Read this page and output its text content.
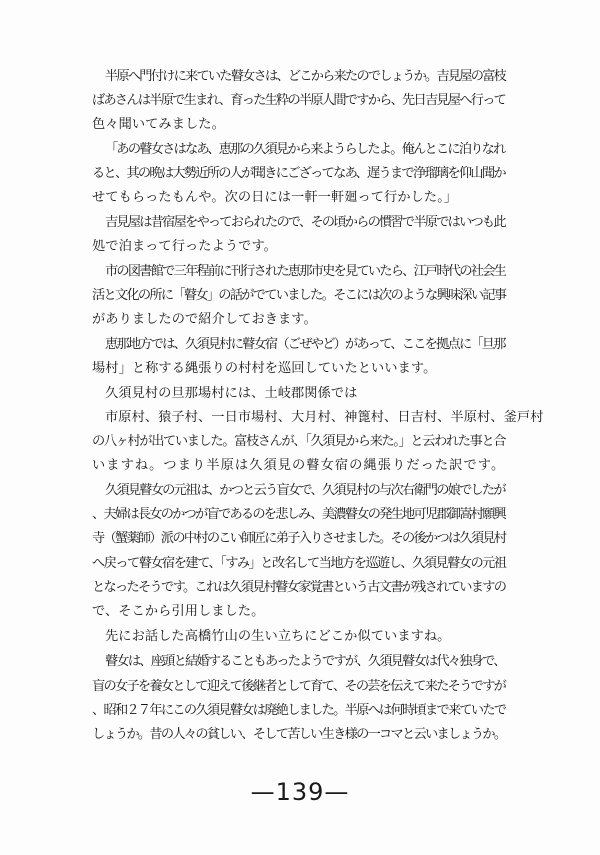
半原へ門付けに来ていた瞽女さは、どこから来たのでしょうか。吉見屋の富枝
ばあさんは半原で生まれ、育った生粋の半原人間ですから、先日吉見屋へ行って
色々聞いてみました。
「あの瞽女さはなあ、恵那の久須見から来ようらしたよ。俺んとこに泊りなれ
ると、其の晩は大勢近所の人が聞きにござってなあ、遅うまで浄瑠璃を仰山聞か
せてもらったもんや。次の日には一軒一軒廻って行かした。」
吉見屋は昔宿屋をやっておられたので、その頃からの慣習で半原ではいつも此
処で泊まって行ったようです。
市の図書館で三年程前に刊行された恵那市史を見ていたら、江戸時代の社会生
活と文化の所に「瞽女」の話がでていました。そこには次のような興味深い記事
がありましたので紹介しておきます。
恵那地方では、久須見村に瞽女宿（ごぜやど）があって、ここを拠点に「旦那
場村」と称する縄張りの村村を巡回していたといいます。
久須見村の旦那場村には、土岐郡関係では
市原村、猿子村、一日市場村、大月村、神篦村、日吉村、半原村、釜戸村
の八ヶ村が出ていました。富枝さんが、「久須見から来た。」と云われた事と合
いますね。つまり半原は久須見の瞽女宿の縄張りだった訳です。
久須見瞽女の元祖は、かつと云う盲女で、久須見村の与次右衛門の娘でしたが
、夫婦は長女のかつが盲であるのを悲しみ、美濃瞽女の発生地可児郡御嵩村願興
寺（蟹薬師）派の中村のこい師匠に弟子入りさせました。その後かつは久須見村
へ戻って瞽女宿を建て、「すみ」と改名して当地方を巡遊し、久須見瞽女の元祖
となったそうです。これは久須見村瞽女家覚書という古文書が残されていますの
で、そこから引用しました。
先にお話した高橋竹山の生い立ちにどこか似ていますね。
瞽女は、座頭と結婚することもあったようですが、久須見瞽女は代々独身で、
盲の女子を養女として迎えて後継者として育て、その芸を伝えて来たそうですが
、昭和２７年にこの久須見瞽女は廃絶しました。半原へは何時頃まで来ていたで
しょうか。昔の人々の貧しい、そして苦しい生き様の一コマと云いましょうか。
—139—
